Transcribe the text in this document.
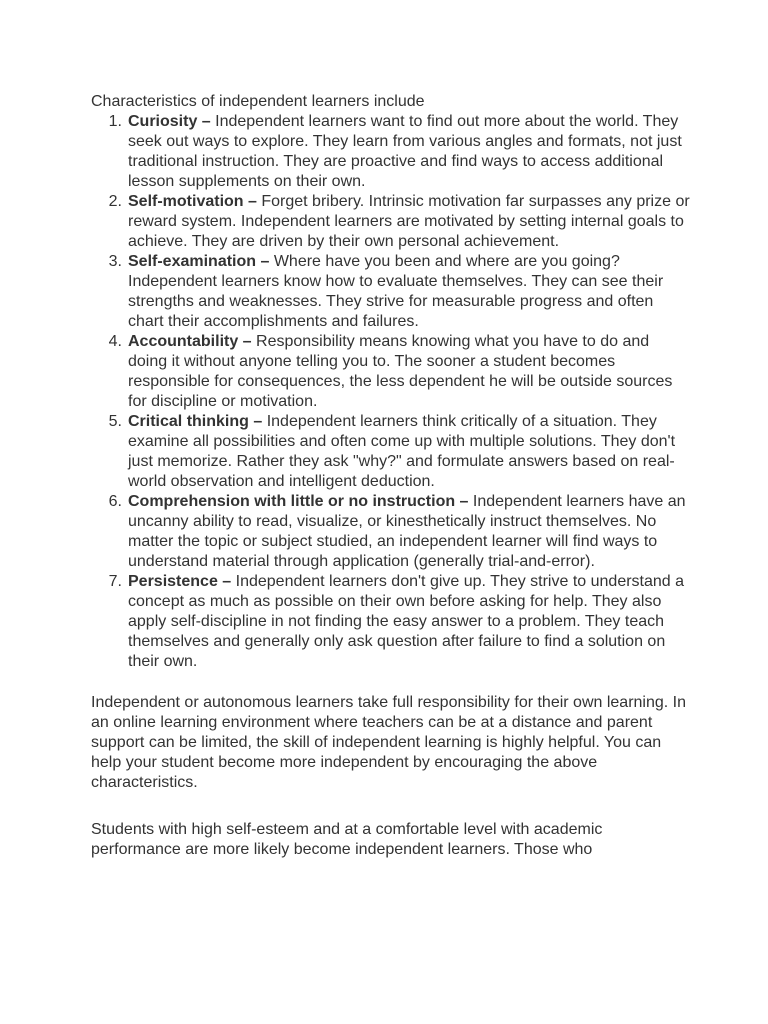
Characteristics of independent learners include

1. Curiosity – Independent learners want to find out more about the world. They seek out ways to explore. They learn from various angles and formats, not just traditional instruction. They are proactive and find ways to access additional lesson supplements on their own.
2. Self-motivation – Forget bribery. Intrinsic motivation far surpasses any prize or reward system. Independent learners are motivated by setting internal goals to achieve. They are driven by their own personal achievement.
3. Self-examination – Where have you been and where are you going? Independent learners know how to evaluate themselves. They can see their strengths and weaknesses. They strive for measurable progress and often chart their accomplishments and failures.
4. Accountability – Responsibility means knowing what you have to do and doing it without anyone telling you to. The sooner a student becomes responsible for consequences, the less dependent he will be outside sources for discipline or motivation.
5. Critical thinking – Independent learners think critically of a situation. They examine all possibilities and often come up with multiple solutions. They don't just memorize. Rather they ask "why?" and formulate answers based on real-world observation and intelligent deduction.
6. Comprehension with little or no instruction – Independent learners have an uncanny ability to read, visualize, or kinesthetically instruct themselves. No matter the topic or subject studied, an independent learner will find ways to understand material through application (generally trial-and-error).
7. Persistence – Independent learners don't give up. They strive to understand a concept as much as possible on their own before asking for help. They also apply self-discipline in not finding the easy answer to a problem. They teach themselves and generally only ask question after failure to find a solution on their own.

Independent or autonomous learners take full responsibility for their own learning. In an online learning environment where teachers can be at a distance and parent support can be limited, the skill of independent learning is highly helpful. You can help your student become more independent by encouraging the above characteristics.

Students with high self-esteem and at a comfortable level with academic performance are more likely become independent learners. Those who
